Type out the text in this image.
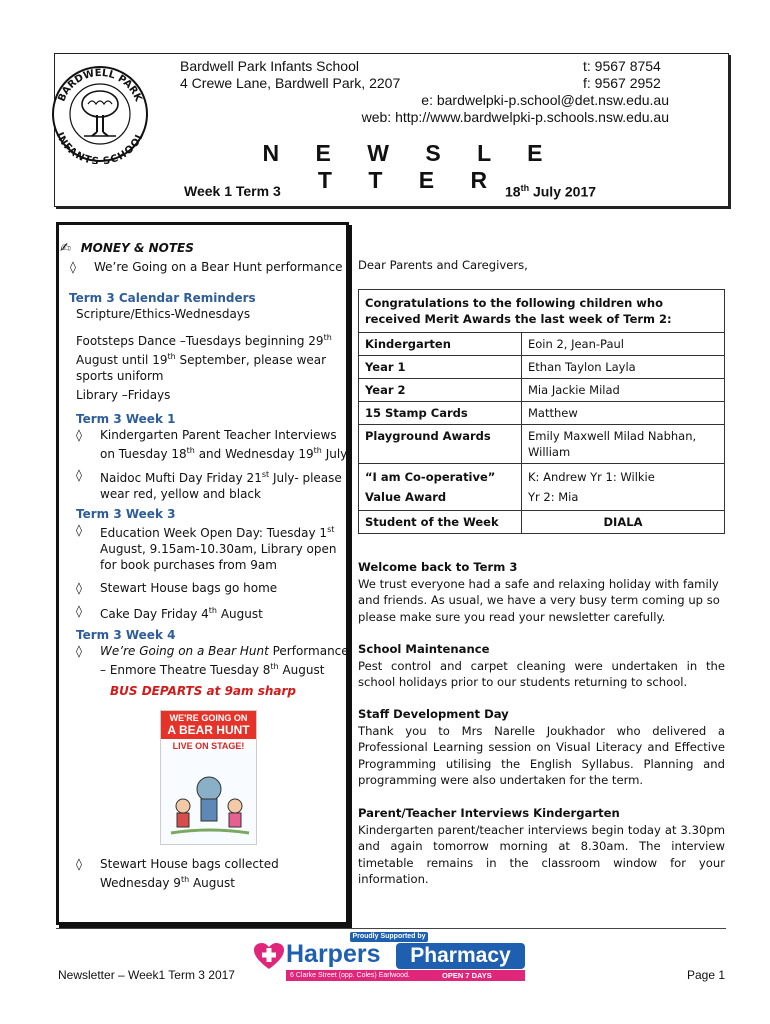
BARDWELL PARK
INFANTS SCHOOL
Bardwell Park Infants School
4 Crewe Lane, Bardwell Park, 2207
t: 9567 8754
f: 9567 2952
e: bardwelpki-p.school@det.nsw.edu.au
web: http://www.bardwelpki-p.schools.nsw.edu.au
N E W S L E T T E R
Week 1 Term 3	18th July 2017
✍ MONEY & NOTES
◊ We’re Going on a Bear Hunt performance
Term 3 Calendar Reminders
Scripture/Ethics-Wednesdays
Footsteps Dance –Tuesdays beginning 29th
August until 19th September, please wear
sports uniform
Library –Fridays
Term 3 Week 1
◊ Kindergarten Parent Teacher Interviews
on Tuesday 18th and Wednesday 19th July
◊ Naidoc Mufti Day Friday 21st July- please
wear red, yellow and black
Term 3 Week 3
◊ Education Week Open Day: Tuesday 1st
August, 9.15am-10.30am, Library open
for book purchases from 9am
◊ Stewart House bags go home
◊ Cake Day Friday 4th August
Term 3 Week 4
◊ We’re Going on a Bear Hunt Performance
– Enmore Theatre Tuesday 8th August
BUS DEPARTS at 9am sharp
WE'RE GOING ON
A BEAR HUNT
LIVE ON STAGE!
◊ Stewart House bags collected
Wednesday 9th August
Dear Parents and Caregivers,
Congratulations to the following children who received Merit Awards the last week of Term 2:	
Kindergarten	Eoin 2, Jean-Paul
Year 1	Ethan Taylon Layla
Year 2	Mia Jackie Milad
15 Stamp Cards	Matthew
Playground Awards	Emily Maxwell Milad Nabhan, William
“I am Co-operative” Value Award	K: Andrew Yr 1: Wilkie
Yr 2: Mia
Student of the Week	DIALA
Welcome back to Term 3
We trust everyone had a safe and relaxing holiday with family and friends. As usual, we have a very busy term coming up so please make sure you read your newsletter carefully.
School Maintenance
Pest control and carpet cleaning were undertaken in the school holidays prior to our students returning to school.
Staff Development Day
Thank you to Mrs Narelle Joukhador who delivered a Professional Learning session on Visual Literacy and Effective Programming utilising the English Syllabus. Planning and programming were also undertaken for the term.
Parent/Teacher Interviews Kindergarten
Kindergarten parent/teacher interviews begin today at 3.30pm and again tomorrow morning at 8.30am. The interview timetable remains in the classroom window for your information.
Proudly Supported by
Harpers	Pharmacy
6 Clarke Street (opp. Coles) Earlwood.	OPEN 7 DAYS
Newsletter – Week1 Term 3 2017	Page 1
